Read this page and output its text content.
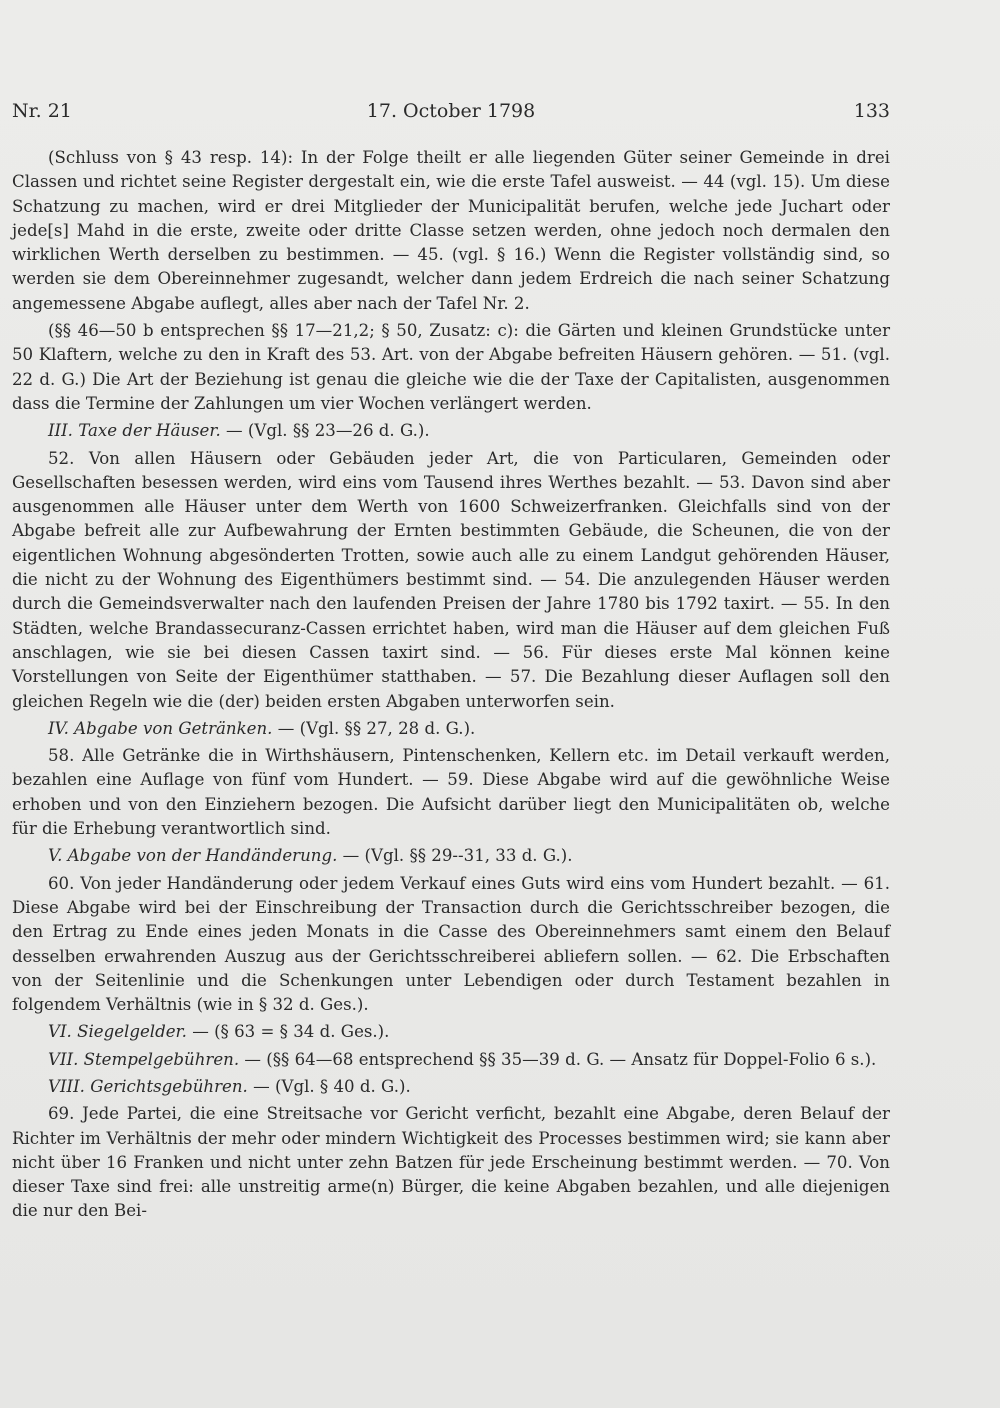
Nr. 21	17. October 1798	133

(Schluss von § 43 resp. 14): In der Folge theilt er alle liegenden Güter seiner Gemeinde in drei Classen und richtet seine Register dergestalt ein, wie die erste Tafel ausweist. — 44 (vgl. 15). Um diese Schatzung zu machen, wird er drei Mitglieder der Municipalität berufen, welche jede Juchart oder jede[s] Mahd in die erste, zweite oder dritte Classe setzen werden, ohne jedoch noch dermalen den wirklichen Werth derselben zu bestimmen. — 45. (vgl. § 16.) Wenn die Register vollständig sind, so werden sie dem Obereinnehmer zugesandt, welcher dann jedem Erdreich die nach seiner Schatzung angemessene Abgabe auflegt, alles aber nach der Tafel Nr. 2.

(§§ 46—50 b entsprechen §§ 17—21,2; § 50, Zusatz: c): die Gärten und kleinen Grundstücke unter 50 Klaftern, welche zu den in Kraft des 53. Art. von der Abgabe befreiten Häusern gehören. — 51. (vgl. 22 d. G.) Die Art der Beziehung ist genau die gleiche wie die der Taxe der Capitalisten, ausgenommen dass die Termine der Zahlungen um vier Wochen verlängert werden.

III. Taxe der Häuser. — (Vgl. §§ 23—26 d. G.).

52. Von allen Häusern oder Gebäuden jeder Art, die von Particularen, Gemeinden oder Gesellschaften besessen werden, wird eins vom Tausend ihres Werthes bezahlt. — 53. Davon sind aber ausgenommen alle Häuser unter dem Werth von 1600 Schweizerfranken. Gleichfalls sind von der Abgabe befreit alle zur Aufbewahrung der Ernten bestimmten Gebäude, die Scheunen, die von der eigentlichen Wohnung abgesönderten Trotten, sowie auch alle zu einem Landgut gehörenden Häuser, die nicht zu der Wohnung des Eigenthümers bestimmt sind. — 54. Die anzulegenden Häuser werden durch die Gemeindsverwalter nach den laufenden Preisen der Jahre 1780 bis 1792 taxirt. — 55. In den Städten, welche Brandassecuranz-Cassen errichtet haben, wird man die Häuser auf dem gleichen Fuß anschlagen, wie sie bei diesen Cassen taxirt sind. — 56. Für dieses erste Mal können keine Vorstellungen von Seite der Eigenthümer statthaben. — 57. Die Bezahlung dieser Auflagen soll den gleichen Regeln wie die (der) beiden ersten Abgaben unterworfen sein.

IV. Abgabe von Getränken. — (Vgl. §§ 27, 28 d. G.).

58. Alle Getränke die in Wirthshäusern, Pintenschenken, Kellern etc. im Detail verkauft werden, bezahlen eine Auflage von fünf vom Hundert. — 59. Diese Abgabe wird auf die gewöhnliche Weise erhoben und von den Einziehern bezogen. Die Aufsicht darüber liegt den Municipalitäten ob, welche für die Erhebung verantwortlich sind.

V. Abgabe von der Handänderung. — (Vgl. §§ 29--31, 33 d. G.).

60. Von jeder Handänderung oder jedem Verkauf eines Guts wird eins vom Hundert bezahlt. — 61. Diese Abgabe wird bei der Einschreibung der Transaction durch die Gerichtsschreiber bezogen, die den Ertrag zu Ende eines jeden Monats in die Casse des Obereinnehmers samt einem den Belauf desselben erwahrenden Auszug aus der Gerichtsschreiberei abliefern sollen. — 62. Die Erbschaften von der Seitenlinie und die Schenkungen unter Lebendigen oder durch Testament bezahlen in folgendem Verhältnis (wie in § 32 d. Ges.).

VI. Siegelgelder. — (§ 63 = § 34 d. Ges.).

VII. Stempelgebühren. — (§§ 64—68 entsprechend §§ 35—39 d. G. — Ansatz für Doppel-Folio 6 s.).

VIII. Gerichtsgebühren. — (Vgl. § 40 d. G.).

69. Jede Partei, die eine Streitsache vor Gericht verficht, bezahlt eine Abgabe, deren Belauf der Richter im Verhältnis der mehr oder mindern Wichtigkeit des Processes bestimmen wird; sie kann aber nicht über 16 Franken und nicht unter zehn Batzen für jede Erscheinung bestimmt werden. — 70. Von dieser Taxe sind frei: alle unstreitig arme(n) Bürger, die keine Abgaben bezahlen, und alle diejenigen die nur den Bei-
